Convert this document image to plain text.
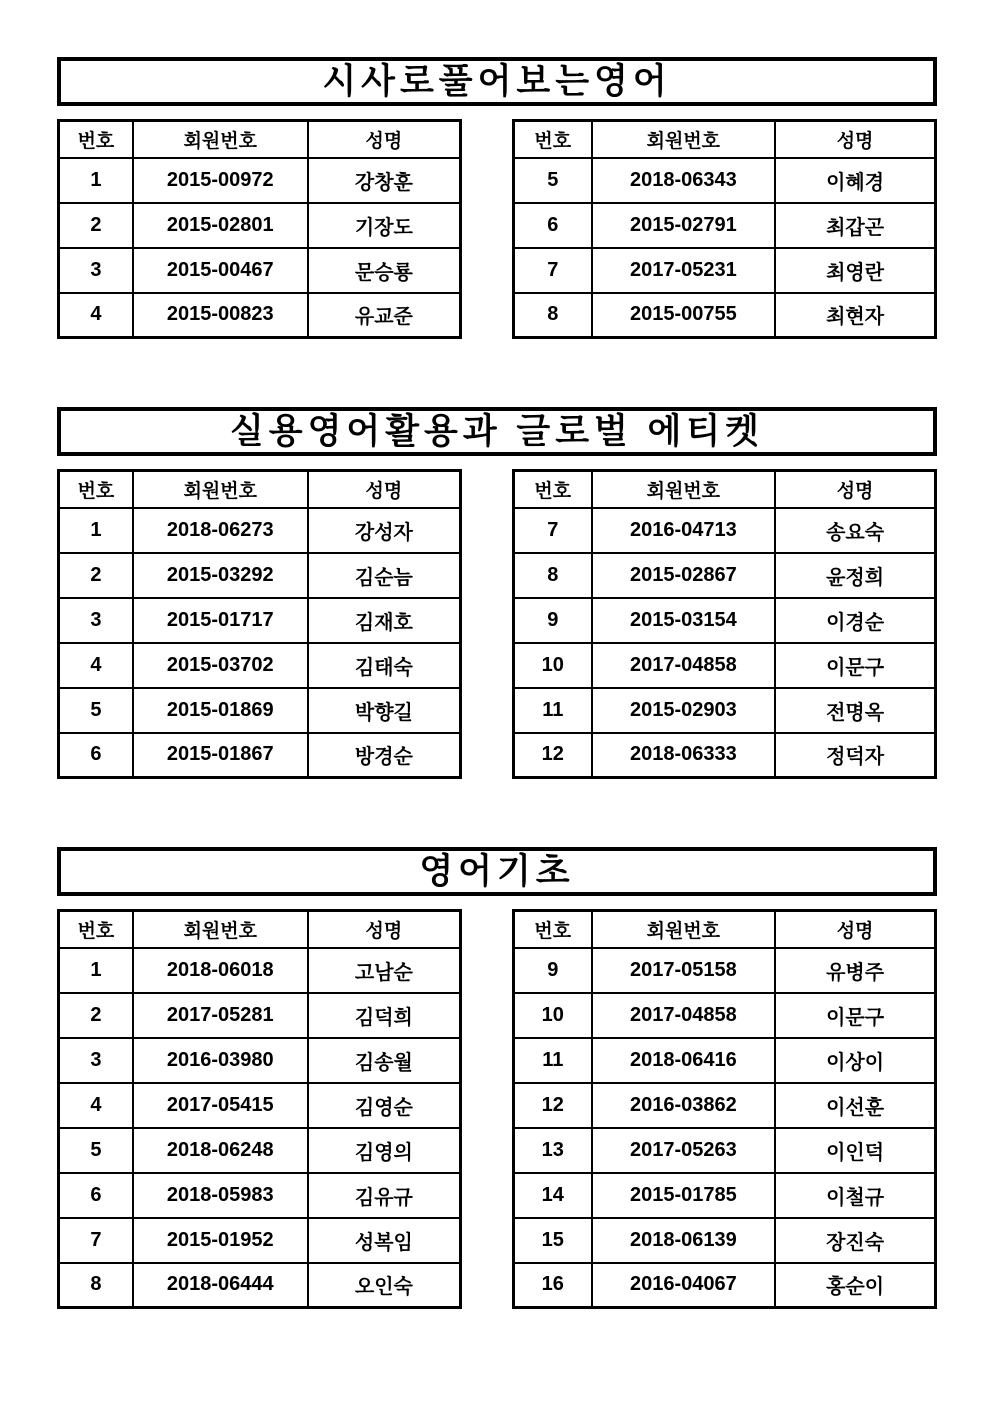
시사로풀어보는영어
번호	회원번호	성명
1	2015-00972	강창훈
2	2015-02801	기장도
3	2015-00467	문승룡
4	2015-00823	유교준
번호	회원번호	성명
5	2018-06343	이혜경
6	2015-02791	최갑곤
7	2017-05231	최영란
8	2015-00755	최현자
실용영어활용과 글로벌 에티켓
번호	회원번호	성명
1	2018-06273	강성자
2	2015-03292	김순늠
3	2015-01717	김재호
4	2015-03702	김태숙
5	2015-01869	박향길
6	2015-01867	방경순
번호	회원번호	성명
7	2016-04713	송요숙
8	2015-02867	윤정희
9	2015-03154	이경순
10	2017-04858	이문구
11	2015-02903	전명옥
12	2018-06333	정덕자
영어기초
번호	회원번호	성명
1	2018-06018	고남순
2	2017-05281	김덕희
3	2016-03980	김송월
4	2017-05415	김영순
5	2018-06248	김영의
6	2018-05983	김유규
7	2015-01952	성복임
8	2018-06444	오인숙
번호	회원번호	성명
9	2017-05158	유병주
10	2017-04858	이문구
11	2018-06416	이상이
12	2016-03862	이선훈
13	2017-05263	이인덕
14	2015-01785	이철규
15	2018-06139	장진숙
16	2016-04067	홍순이
